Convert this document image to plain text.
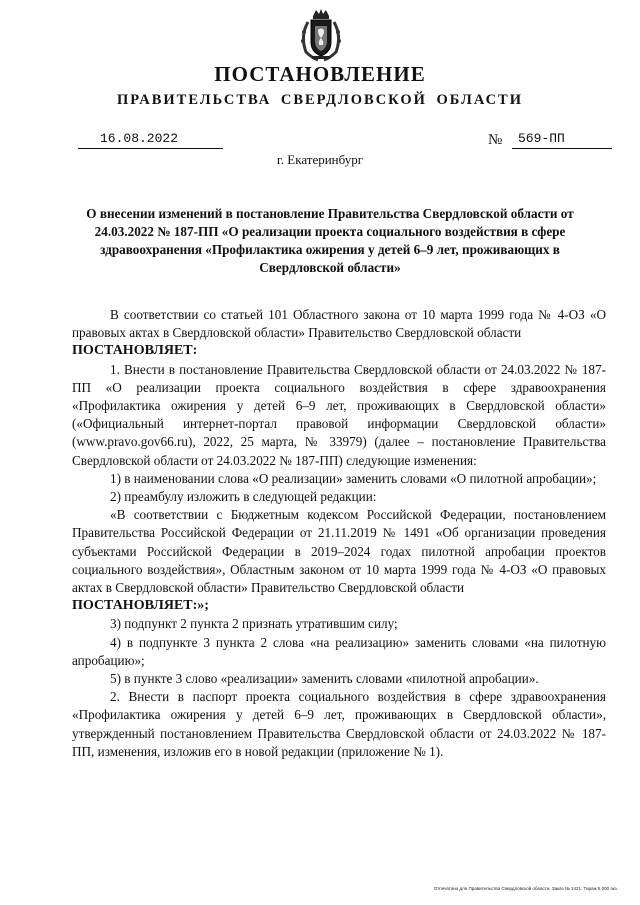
ПОСТАНОВЛЕНИЕ
ПРАВИТЕЛЬСТВА СВЕРДЛОВСКОЙ ОБЛАСТИ
16.08.2022	№ 569-ПП
г. Екатеринбург
О внесении изменений в постановление Правительства Свердловской области от 24.03.2022 № 187-ПП «О реализации проекта социального воздействия в сфере здравоохранения «Профилактика ожирения у детей 6–9 лет, проживающих в Свердловской области»

В соответствии со статьей 101 Областного закона от 10 марта 1999 года № 4-ОЗ «О правовых актах в Свердловской области» Правительство Свердловской области

ПОСТАНОВЛЯЕТ:

1. Внести в постановление Правительства Свердловской области от 24.03.2022 № 187-ПП «О реализации проекта социального воздействия в сфере здравоохранения «Профилактика ожирения у детей 6–9 лет, проживающих в Свердловской области» («Официальный интернет-портал правовой информации Свердловской области» (www.pravo.gov66.ru), 2022, 25 марта, № 33979) (далее – постановление Правительства Свердловской области от 24.03.2022 № 187-ПП) следующие изменения:

1) в наименовании слова «О реализации» заменить словами «О пилотной апробации»;

2) преамбулу изложить в следующей редакции:

«В соответствии с Бюджетным кодексом Российской Федерации, постановлением Правительства Российской Федерации от 21.11.2019 № 1491 «Об организации проведения субъектами Российской Федерации в 2019–2024 годах пилотной апробации проектов социального воздействия», Областным законом от 10 марта 1999 года № 4-ОЗ «О правовых актах в Свердловской области» Правительство Свердловской области

ПОСТАНОВЛЯЕТ:»;

3) подпункт 2 пункта 2 признать утратившим силу;

4) в подпункте 3 пункта 2 слова «на реализацию» заменить словами «на пилотную апробацию»;

5) в пункте 3 слово «реализации» заменить словами «пилотной апробации».

2. Внести в паспорт проекта социального воздействия в сфере здравоохранения «Профилактика ожирения у детей 6–9 лет, проживающих в Свердловской области», утвержденный постановлением Правительства Свердловской области от 24.03.2022 № 187-ПП, изменения, изложив его в новой редакции (приложение № 1).

Отпечатано для Правительства Свердловской области. Заказ № 1421. Тираж 5 000 экз.
